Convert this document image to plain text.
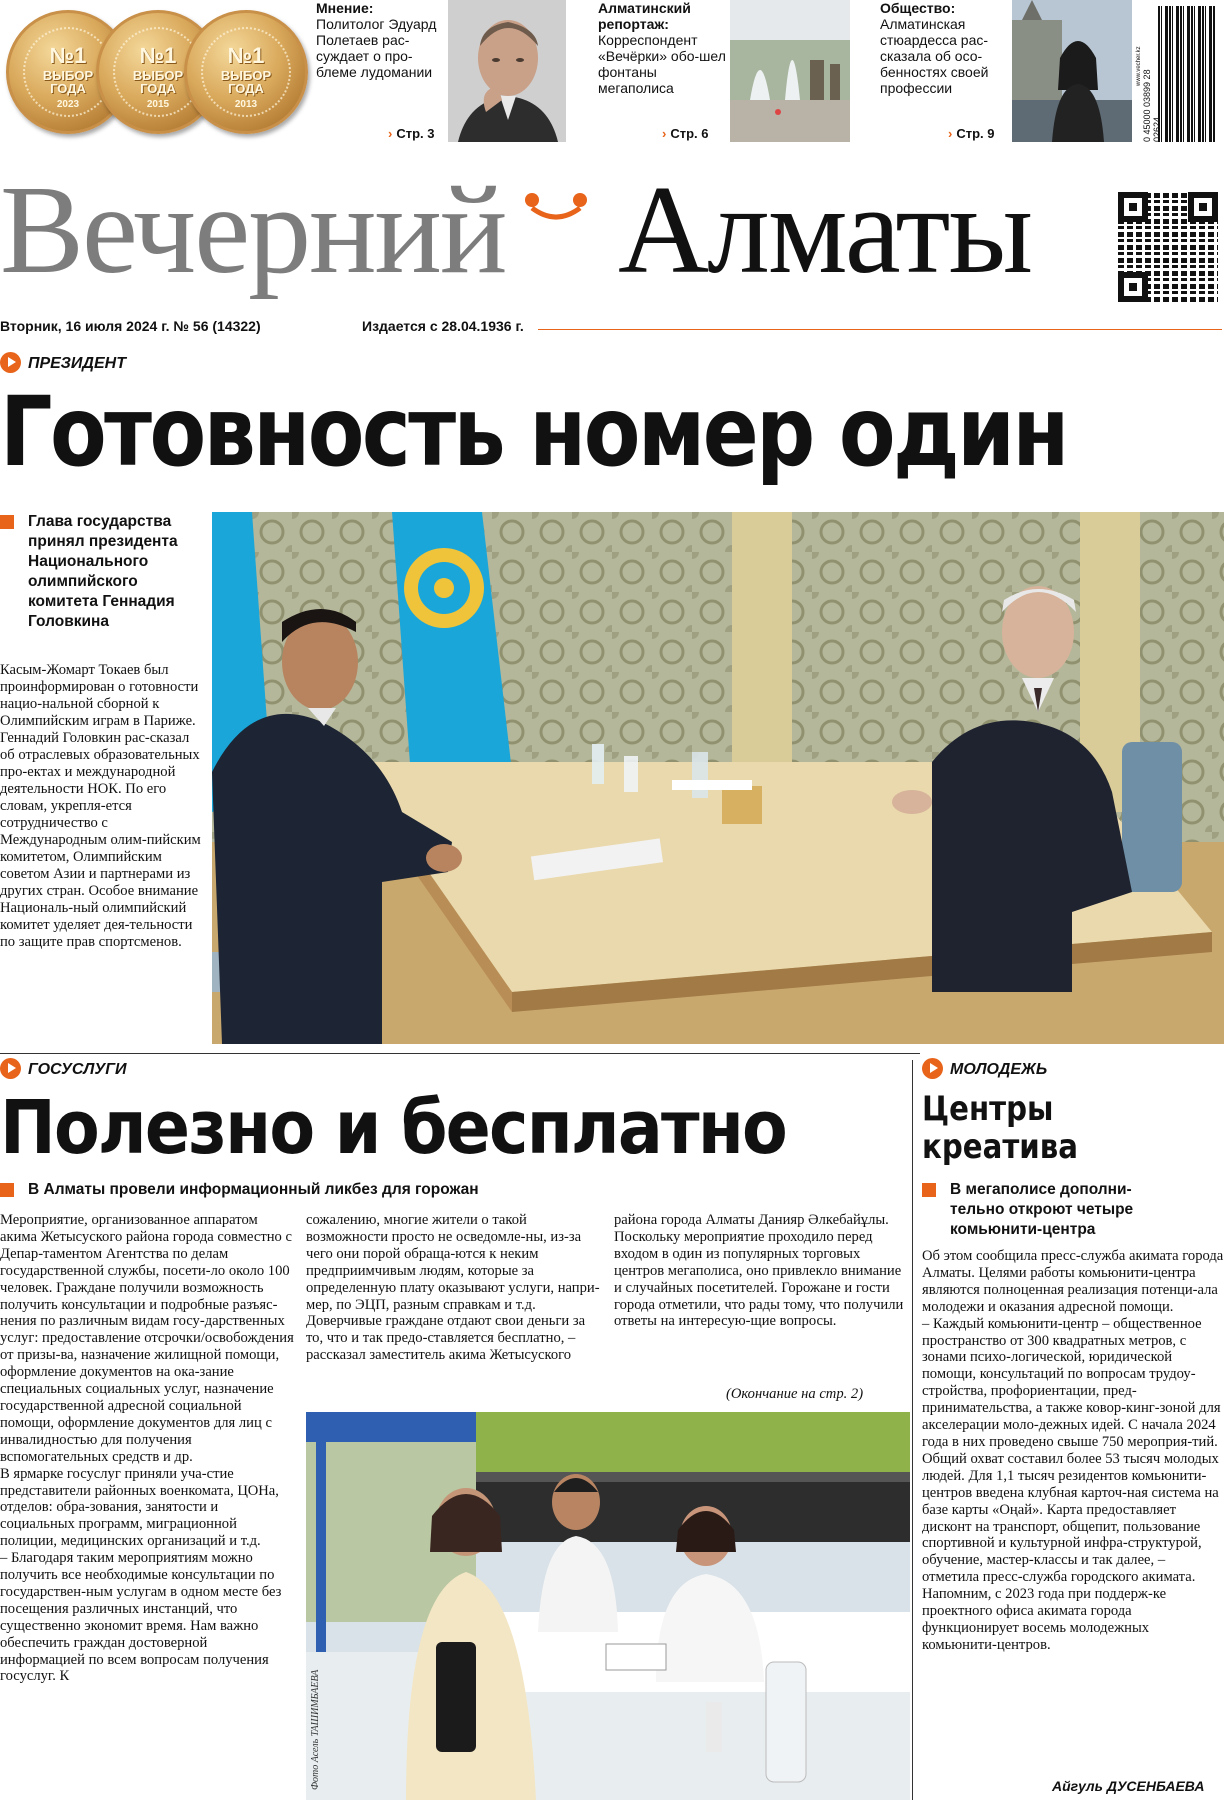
№1
ВЫБОР
ГОДА
2023
№1
ВЫБОР
ГОДА
2015
№1
ВЫБОР
ГОДА
2013
Мнение:
Политолог Эдуард Полетаев рас-суждает о про-блеме лудомании
› Стр. 3
Алматинский репортаж:
Корреспондент «Вечёрки» обо-шел фонтаны мегаполиса
› Стр. 6
Общество:
Алматинская стюардесса рас-сказала об осо-бенностях своей профессии
› Стр. 9
www.vecher.kz
0 45000 03899 28 02624
Вечерний Алматы
Вторник, 16 июля 2024 г. № 56 (14322)	Издается с 28.04.1936 г.
ПРЕЗИДЕНТ
Готовность номер один
Глава государства принял президента Национального олимпийского комитета Геннадия Головкина
Касым-Жомарт Токаев был проинформирован о готовности нацио-нальной сборной к Олимпийским играм в Париже.
Геннадий Головкин рас-сказал об отраслевых образовательных про-ектах и международной деятельности НОК. По его словам, укрепля-ется сотрудничество с Международным олим-пийским комитетом, Олимпийским советом Азии и партнерами из других стран. Особое внимание Националь-ный олимпийский комитет уделяет дея-тельности по защите прав спортсменов.
ГОСУСЛУГИ
Полезно и бесплатно
В Алматы провели информационный ликбез для горожан
Мероприятие, организованное аппаратом акима Жетысуского района города совместно с Депар-таментом Агентства по делам государственной службы, посети-ло около 100 человек. Граждане получили возможность получить консультации и подробные разъяс-нения по различным видам госу-дарственных услуг: предоставление отсрочки/освобождения от призы-ва, назначение жилищной помощи, оформление документов на ока-зание специальных социальных услуг, назначение государственной адресной социальной помощи, оформление документов для лиц с инвалидностью для получения вспомогательных средств и др.
В ярмарке госуслуг приняли уча-стие представители районных военкомата, ЦОНа, отделов: обра-зования, занятости и социальных программ, миграционной полиции, медицинских организаций и т.д.
– Благодаря таким мероприятиям можно получить все необходимые консультации по государствен-ным услугам в одном месте без посещения различных инстанций, что существенно экономит время. Нам важно обеспечить граждан достоверной информацией по всем вопросам получения госуслуг. К
сожалению, многие жители о такой возможности просто не осведомле-ны, из-за чего они порой обраща-ются к неким предприимчивым людям, которые за определенную плату оказывают услуги, напри-мер, по ЭЦП, разным справкам и т.д. Доверчивые граждане отдают свои деньги за то, что и так предо-ставляется бесплатно, – рассказал заместитель акима Жетысуского
района города Алматы Данияр Әлкебайұлы.
Поскольку мероприятие проходило перед входом в один из популярных торговых центров мегаполиса, оно привлекло внимание и случайных посетителей. Горожане и гости города отметили, что рады тому, что получили ответы на интересую-щие вопросы.
(Окончание на стр. 2)
Фото Асель ТАШИМБАЕВА
МОЛОДЕЖЬ
Центры
креатива
В мегаполисе дополни-тельно откроют четыре комьюнити-центра
Об этом сообщила пресс-служба акимата города Алматы. Целями работы комьюнити-центра являются полноценная реализация потенци-ала молодежи и оказания адресной помощи.
– Каждый комьюнити-центр – общественное пространство от 300 квадратных метров, с зонами психо-логической, юридической помощи, консультаций по вопросам трудоу-стройства, профориентации, пред-принимательства, а также ковор-кинг-зоной для акселерации моло-дежных идей. С начала 2024 года в них проведено свыше 750 мероприя-тий. Общий охват составил более 53 тысяч молодых людей. Для 1,1 тысяч резидентов комьюнити-центров введена клубная карточ-ная система на базе карты «Оңай». Карта предоставляет дисконт на транспорт, общепит, пользование спортивной и культурной инфра-структурой, обучение, мастер-классы и так далее, – отметила пресс-служба городского акимата.
Напомним, с 2023 года при поддерж-ке проектного офиса акимата города функционирует восемь молодежных комьюнити-центров.
Айгуль ДУСЕНБАЕВА
